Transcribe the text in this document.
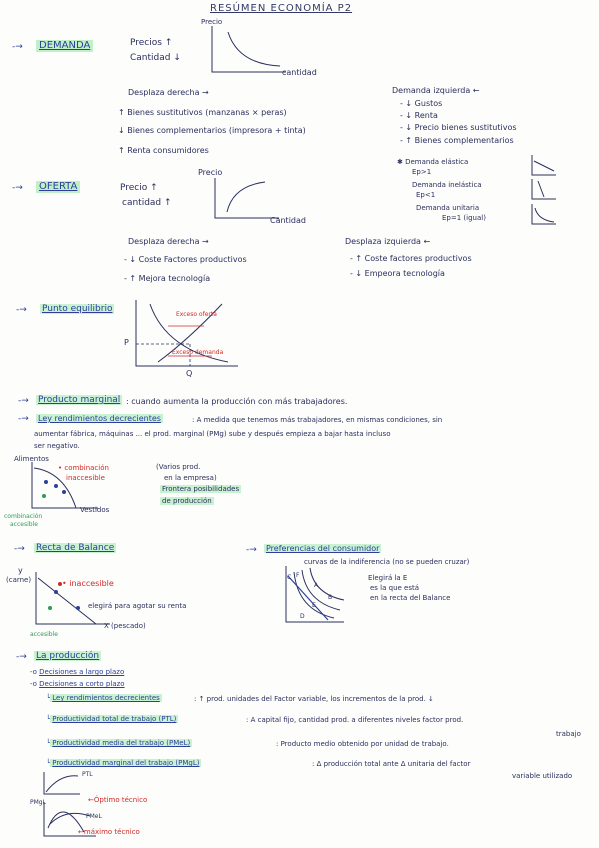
RESÚMEN ECONOMÍA P2
-→	DEMANDA	Precios ↑
Cantidad ↓
Precio
cantidad
Desplaza derecha →
↑ Bienes sustitutivos (manzanas × peras)
↓ Bienes complementarios (impresora + tinta)
↑ Renta consumidores
Demanda izquierda ←
- ↓ Gustos
- ↓ Renta
- ↓ Precio bienes sustitutivos
- ↑ Bienes complementarios
✱ Demanda elástica
Ep>1
Demanda inelástica
Ep<1
Demanda unitaria
Ep=1 (igual)
-→	OFERTA	Precio ↑
cantidad ↑
Precio
Cantidad
Desplaza derecha →
- ↓ Coste Factores productivos
- ↑ Mejora tecnología
Desplaza izquierda ←
- ↑ Coste factores productivos
- ↓ Empeora tecnología
-→ Punto equilibrio
Exceso oferta
Exceso demanda
P
Q
-→ Producto marginal : cuando aumenta la producción con más trabajadores.
-→ Ley rendimientos decrecientes	: A medida que tenemos más trabajadores, en mismas condiciones, sin
aumentar fábrica, máquinas ... el prod. marginal (PMg) sube y después empieza a bajar hasta incluso
ser negativo.
Alimentos
Vestidos
• combinación
inaccesible
combinación
accesible
(Varios prod.
en la empresa)
Frontera posibilidades
de producción
-→ Recta de Balance
y
(carne)	• inaccesible
elegirá para agotar su renta
X (pescado)
accesible
-→ Preferencias del consumidor
curvas de la indiferencia (no se pueden cruzar)
C F
A
B
E
D
Elegirá la E
es la que está
en la recta del Balance
-→ La producción
-o Decisiones a largo plazo
-o Decisiones a corto plazo
└ Ley rendimientos decrecientes	: ↑ prod. unidades del Factor variable, los incrementos de la prod. ↓
└ Productividad total de trabajo (PTL)	: A capital fijo, cantidad prod. a diferentes niveles factor prod.
trabajo
└ Productividad media del trabajo (PMeL)	: Producto medio obtenido por unidad de trabajo.
└ Productividad marginal del trabajo (PMgL)	: Δ producción total ante Δ unitaria del factor
variable utilizado
PTL
PMgL
PMeL
←Óptimo técnico
←máximo técnico
